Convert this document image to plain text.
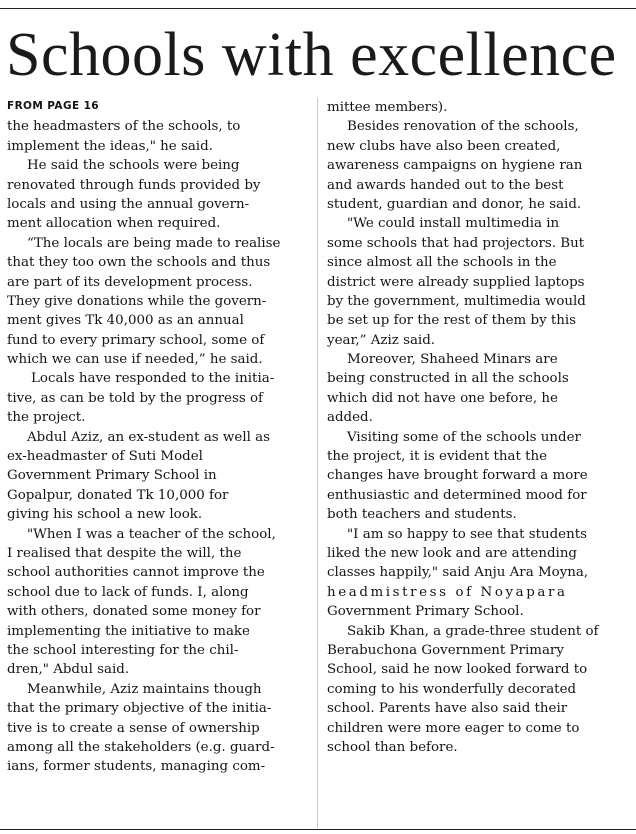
Schools with excellence
FROM PAGE 16
the headmasters of the schools, to
implement the ideas," he said.
He said the schools were being
renovated through funds provided by
locals and using the annual govern-
ment allocation when required.
“The locals are being made to realise
that they too own the schools and thus
are part of its development process.
They give donations while the govern-
ment gives Tk 40,000 as an annual
fund to every primary school, some of
which we can use if needed,” he said.
Locals have responded to the initia-
tive, as can be told by the progress of
the project.
Abdul Aziz, an ex-student as well as
ex-headmaster of Suti Model
Government Primary School in
Gopalpur, donated Tk 10,000 for
giving his school a new look.
"When I was a teacher of the school,
I realised that despite the will, the
school authorities cannot improve the
school due to lack of funds. I, along
with others, donated some money for
implementing the initiative to make
the school interesting for the chil-
dren," Abdul said.
Meanwhile, Aziz maintains though
that the primary objective of the initia-
tive is to create a sense of ownership
among all the stakeholders (e.g. guard-
ians, former students, managing com-
mittee members).
Besides renovation of the schools,
new clubs have also been created,
awareness campaigns on hygiene ran
and awards handed out to the best
student, guardian and donor, he said.
"We could install multimedia in
some schools that had projectors. But
since almost all the schools in the
district were already supplied laptops
by the government, multimedia would
be set up for the rest of them by this
year,” Aziz said.
Moreover, Shaheed Minars are
being constructed in all the schools
which did not have one before, he
added.
Visiting some of the schools under
the project, it is evident that the
changes have brought forward a more
enthusiastic and determined mood for
both teachers and students.
"I am so happy to see that students
liked the new look and are attending
classes happily," said Anju Ara Moyna,
headmistress of Noyapara
Government Primary School.
Sakib Khan, a grade-three student of
Berabuchona Government Primary
School, said he now looked forward to
coming to his wonderfully decorated
school. Parents have also said their
children were more eager to come to
school than before.
